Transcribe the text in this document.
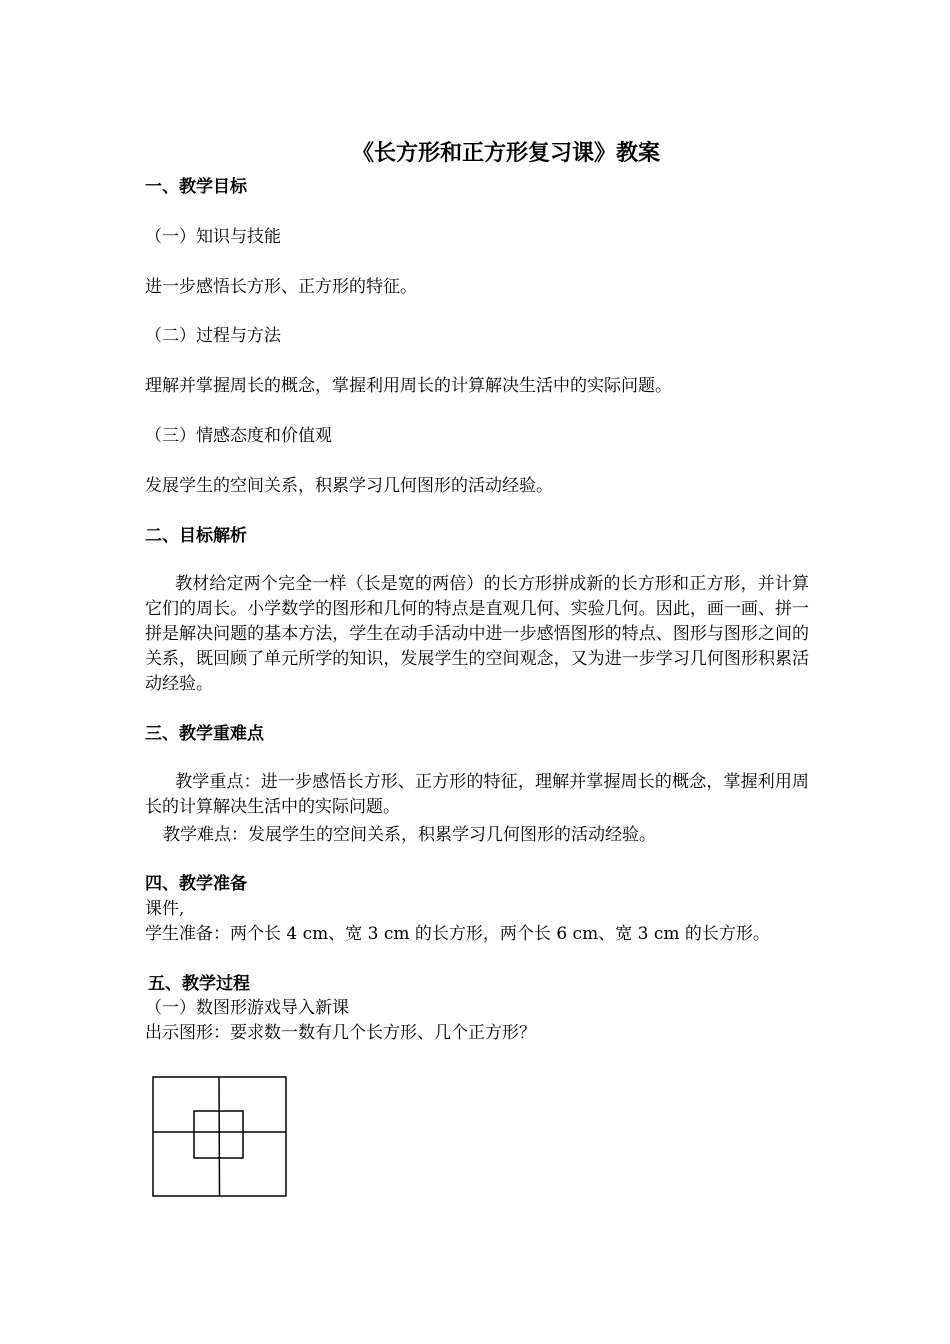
《长方形和正方形复习课》教案
一、教学目标
（一）知识与技能
进一步感悟长方形、正方形的特征。
（二）过程与方法
理解并掌握周长的概念，掌握利用周长的计算解决生活中的实际问题。
（三）情感态度和价值观
发展学生的空间关系，积累学习几何图形的活动经验。
二、目标解析
教材给定两个完全一样（长是宽的两倍）的长方形拼成新的长方形和正方形，并计算它们的周长。小学数学的图形和几何的特点是直观几何、实验几何。因此，画一画、拼一拼是解决问题的基本方法，学生在动手活动中进一步感悟图形的特点、图形与图形之间的关系，既回顾了单元所学的知识，发展学生的空间观念，又为进一步学习几何图形积累活动经验。
三、教学重难点
教学重点：进一步感悟长方形、正方形的特征，理解并掌握周长的概念，掌握利用周长的计算解决生活中的实际问题。
教学难点：发展学生的空间关系，积累学习几何图形的活动经验。
四、教学准备
课件,
学生准备：两个长 4 cm、宽 3 cm 的长方形，两个长 6 cm、宽 3 cm 的长方形。
五、教学过程
（一）数图形游戏导入新课
出示图形：要求数一数有几个长方形、几个正方形？
